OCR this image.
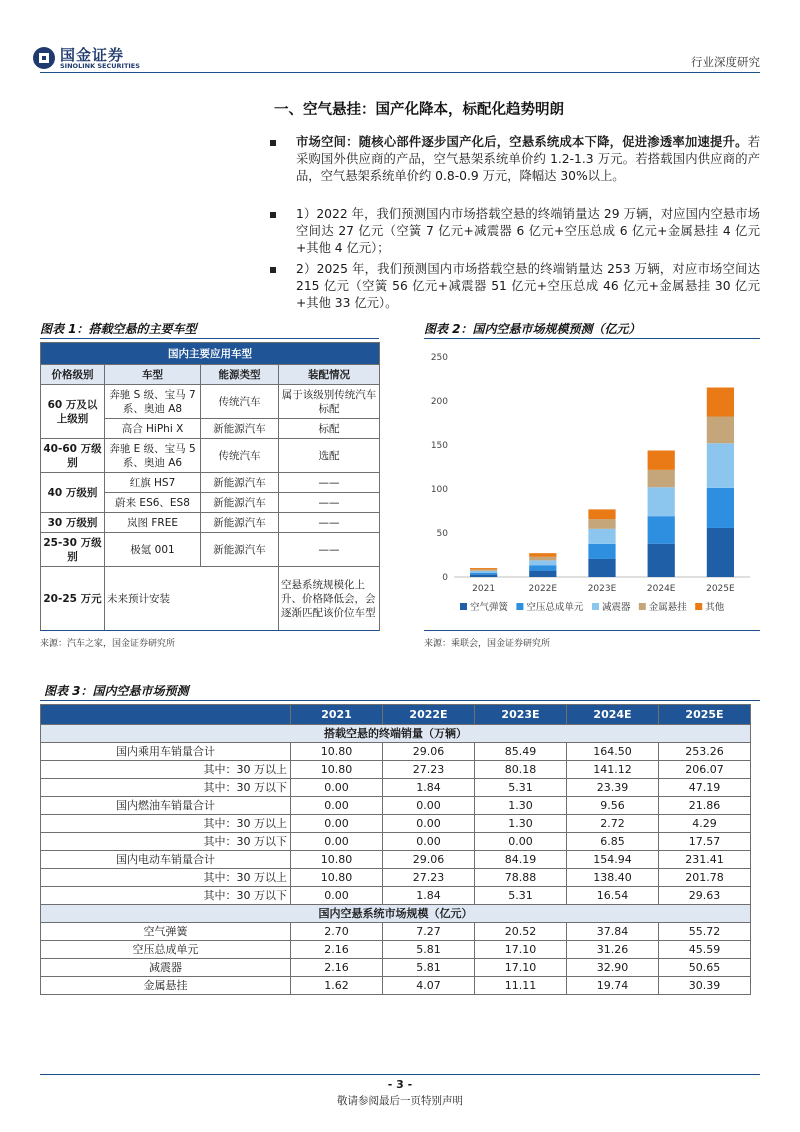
国金证券
SINOLINK SECURITIES	行业深度研究
一、空气悬挂：国产化降本，标配化趋势明朗
市场空间：随核心部件逐步国产化后，空悬系统成本下降，促进渗透率加速提升。若采购国外供应商的产品，空气悬架系统单价约 1.2-1.3 万元。若搭载国内供应商的产品，空气悬架系统单价约 0.8-0.9 万元，降幅达 30%以上。
1）2022 年，我们预测国内市场搭载空悬的终端销量达 29 万辆，对应国内空悬市场空间达 27 亿元（空簧 7 亿元+减震器 6 亿元+空压总成 6 亿元+金属悬挂 4 亿元+其他 4 亿元）；
2）2025 年，我们预测国内市场搭载空悬的终端销量达 253 万辆，对应市场空间达 215 亿元（空簧 56 亿元+减震器 51 亿元+空压总成 46 亿元+金属悬挂 30 亿元+其他 33 亿元）。
图表 1：搭载空悬的主要车型
国内主要应用车型			
价格级别	车型	能源类型	装配情况
60 万及以上级别	奔驰 S 级、宝马 7 系、奥迪 A8	传统汽车	属于该级别传统汽车标配
	高合 HiPhi X	新能源汽车	标配
40-60 万级别	奔驰 E 级、宝马 5 系、奥迪 A6	传统汽车	选配
40 万级别	红旗 HS7	新能源汽车	——
	蔚来 ES6、ES8	新能源汽车	——
30 万级别	岚图 FREE	新能源汽车	——
25-30 万级别	极氪 001	新能源汽车	——
20-25 万元	未来预计安装		空悬系统规模化上升、价格降低会，会逐渐匹配该价位车型
来源：汽车之家，国金证券研究所
图表 2：国内空悬市场规模预测（亿元）
0
50
100
150
200
250
2021	2022E	2023E	2024E	2025E
空气弹簧 空压总成单元 减震器 金属悬挂 其他
来源：乘联会，国金证券研究所
图表 3：国内空悬市场预测
	2021	2022E	2023E	2024E	2025E
搭载空悬的终端销量（万辆）					
国内乘用车销量合计	10.80	29.06	85.49	164.50	253.26
其中：30 万以上	10.80	27.23	80.18	141.12	206.07
其中：30 万以下	0.00	1.84	5.31	23.39	47.19
国内燃油车销量合计	0.00	0.00	1.30	9.56	21.86
其中：30 万以上	0.00	0.00	1.30	2.72	4.29
其中：30 万以下	0.00	0.00	0.00	6.85	17.57
国内电动车销量合计	10.80	29.06	84.19	154.94	231.41
其中：30 万以上	10.80	27.23	78.88	138.40	201.78
其中：30 万以下	0.00	1.84	5.31	16.54	29.63
国内空悬系统市场规模（亿元）					
空气弹簧	2.70	7.27	20.52	37.84	55.72
空压总成单元	2.16	5.81	17.10	31.26	45.59
减震器	2.16	5.81	17.10	32.90	50.65
金属悬挂	1.62	4.07	11.11	19.74	30.39
- 3 -
敬请参阅最后一页特别声明
